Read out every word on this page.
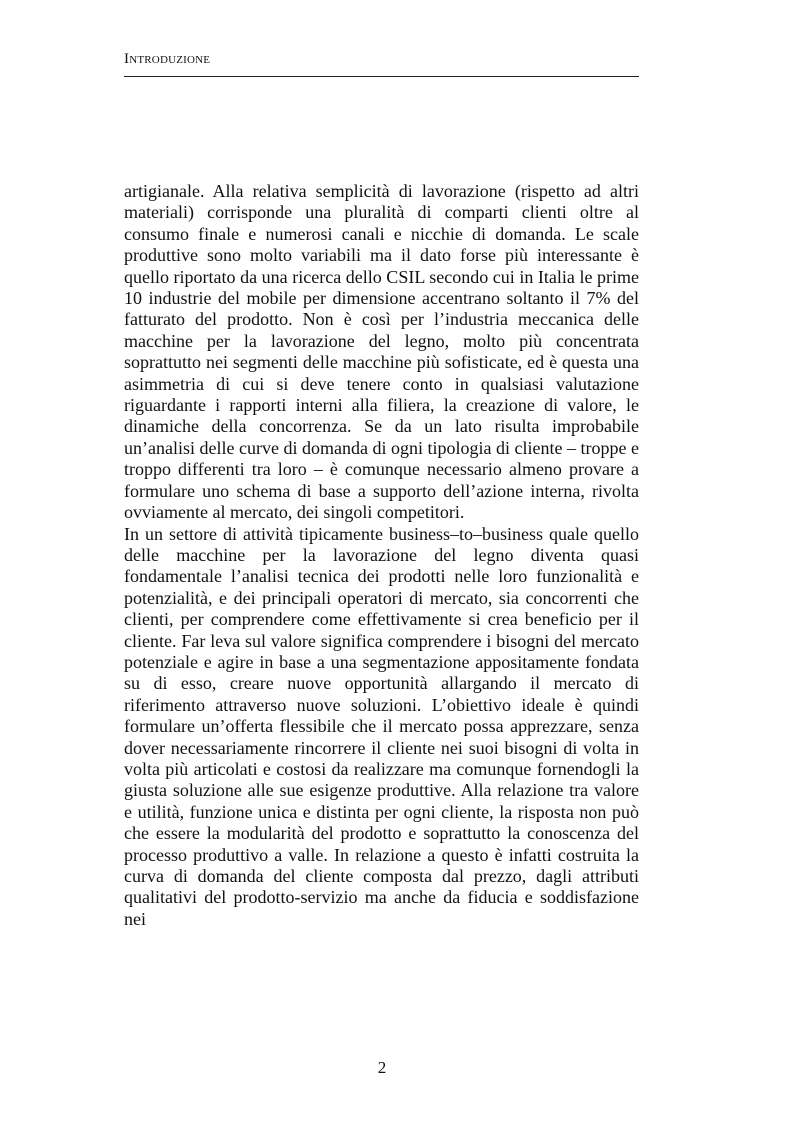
Introduzione

artigianale. Alla relativa semplicità di lavorazione (rispetto ad altri materiali) corrisponde una pluralità di comparti clienti oltre al consumo finale e numerosi canali e nicchie di domanda. Le scale produttive sono molto variabili ma il dato forse più interessante è quello riportato da una ricerca dello CSIL secondo cui in Italia le prime 10 industrie del mobile per dimensione accentrano soltanto il 7% del fatturato del prodotto. Non è così per l’industria meccanica delle macchine per la lavorazione del legno, molto più concentrata soprattutto nei segmenti delle macchine più sofisticate, ed è questa una asimmetria di cui si deve tenere conto in qualsiasi valutazione riguardante i rapporti interni alla filiera, la creazione di valore, le dinamiche della concorrenza. Se da un lato risulta improbabile un’analisi delle curve di domanda di ogni tipologia di cliente – troppe e troppo differenti tra loro – è comunque necessario almeno provare a formulare uno schema di base a supporto dell’azione interna, rivolta ovviamente al mercato, dei singoli competitori.

In un settore di attività tipicamente business–to–business quale quello delle macchine per la lavorazione del legno diventa quasi fondamentale l’analisi tecnica dei prodotti nelle loro funzionalità e potenzialità, e dei principali operatori di mercato, sia concorrenti che clienti, per comprendere come effettivamente si crea beneficio per il cliente. Far leva sul valore significa comprendere i bisogni del mercato potenziale e agire in base a una segmentazione appositamente fondata su di esso, creare nuove opportunità allargando il mercato di riferimento attraverso nuove soluzioni. L’obiettivo ideale è quindi formulare un’offerta flessibile che il mercato possa apprezzare, senza dover necessariamente rincorrere il cliente nei suoi bisogni di volta in volta più articolati e costosi da realizzare ma comunque fornendogli la giusta soluzione alle sue esigenze produttive. Alla relazione tra valore e utilità, funzione unica e distinta per ogni cliente, la risposta non può che essere la modularità del prodotto e soprattutto la conoscenza del processo produttivo a valle. In relazione a questo è infatti costruita la curva di domanda del cliente composta dal prezzo, dagli attributi qualitativi del prodotto-servizio ma anche da fiducia e soddisfazione nei

2
